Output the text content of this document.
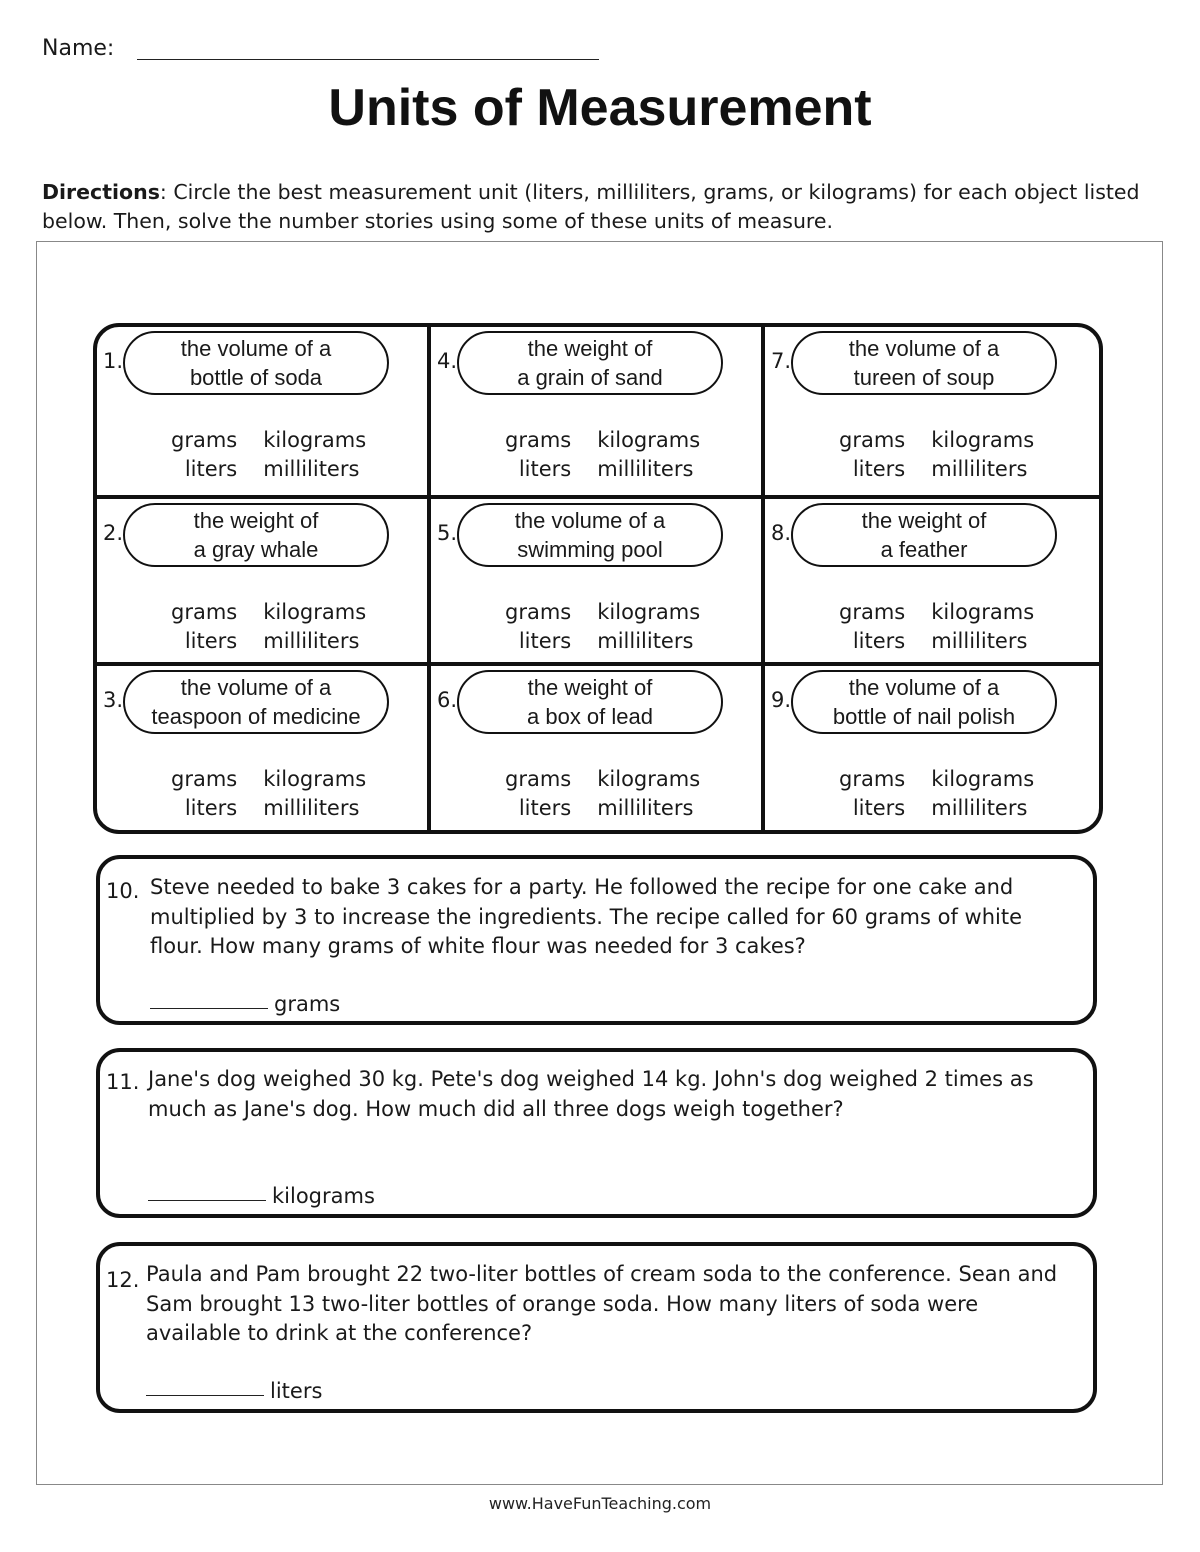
Name:
Units of Measurement
Directions: Circle the best measurement unit (liters, milliliters, grams, or kilograms) for each object listed below. Then, solve the number stories using some of these units of measure.
1.	the volume of a
bottle of soda
grams kilograms
liters milliliters
4.	the weight of
a grain of sand
grams kilograms
liters milliliters
7.	the volume of a
tureen of soup
grams kilograms
liters milliliters
2.	the weight of
a gray whale
grams kilograms
liters milliliters
5.	the volume of a
swimming pool
grams kilograms
liters milliliters
8.	the weight of
a feather
grams kilograms
liters milliliters
3.	the volume of a
teaspoon of medicine
grams kilograms
liters milliliters
6.	the weight of
a box of lead
grams kilograms
liters milliliters
9.	the volume of a
bottle of nail polish
grams kilograms
liters milliliters
10. Steve needed to bake 3 cakes for a party. He followed the recipe for one cake and multiplied by 3 to increase the ingredients. The recipe called for 60 grams of white flour. How many grams of white flour was needed for 3 cakes?
grams
11. Jane's dog weighed 30 kg. Pete's dog weighed 14 kg. John's dog weighed 2 times as much as Jane's dog. How much did all three dogs weigh together?
kilograms
12. Paula and Pam brought 22 two-liter bottles of cream soda to the conference. Sean and Sam brought 13 two-liter bottles of orange soda. How many liters of soda were available to drink at the conference?
liters
www.HaveFunTeaching.com
